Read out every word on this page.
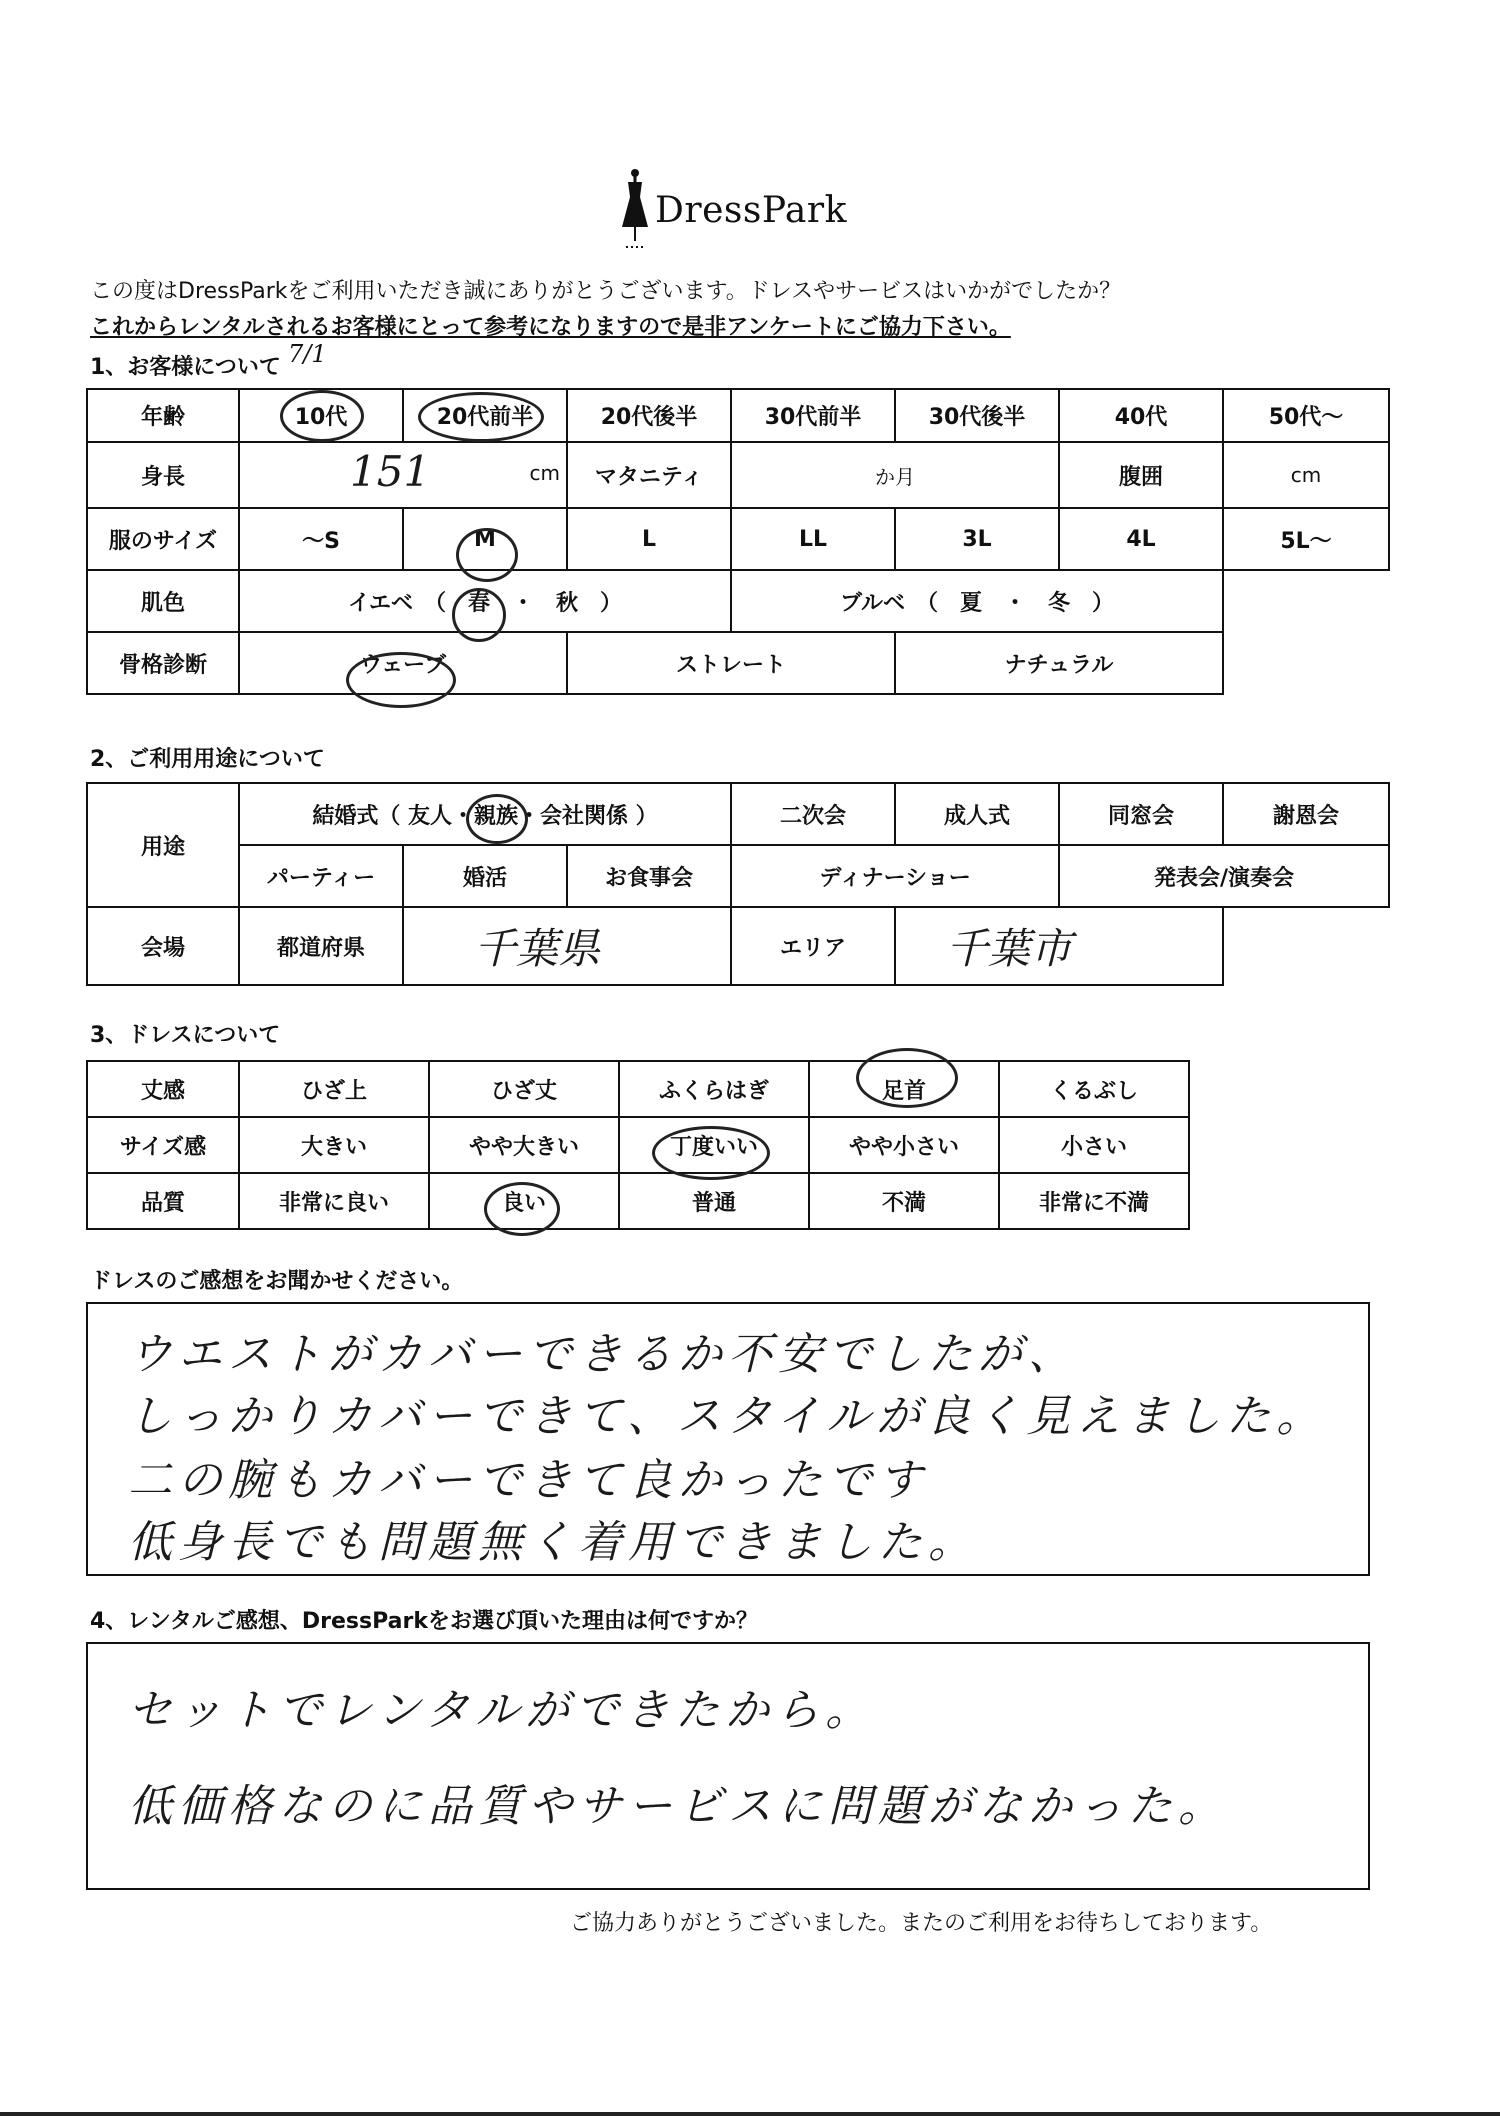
DressPark
この度はDressParkをご利用いただき誠にありがとうございます。ドレスやサービスはいかがでしたか？
これからレンタルされるお客様にとって参考になりますので是非アンケートにご協力下さい。
1、お客様について 7/1
年齢	10代	20代前半	20代後半	30代前半	30代後半	40代	50代～
身長	151 cm		マタニティ	か月		腹囲	cm
服のサイズ	～S	M	L	LL	3L	4L	5L～
肌色	イエベ　（　春　・　秋　）			ブルベ　（　夏　・　冬　）			
骨格診断	ウェーブ		ストレート		ナチュラル		
2、ご利用用途について
用途	結婚式（ 友人・親族・会社関係 ）			二次会	成人式	同窓会	謝恩会
	パーティー	婚活	お食事会	ディナーショー		発表会/演奏会	
会場	都道府県	千葉県		エリア	千葉市		
3、ドレスについて
丈感	ひざ上	ひざ丈	ふくらはぎ	足首	くるぶし
サイズ感	大きい	やや大きい	丁度いい	やや小さい	小さい
品質	非常に良い	良い	普通	不満	非常に不満
ドレスのご感想をお聞かせください。
ウエストがカバーできるか不安でしたが、
しっかりカバーできて、スタイルが良く見えました。
二の腕もカバーできて良かったです
低身長でも問題無く着用できました。
4、レンタルご感想、DressParkをお選び頂いた理由は何ですか？
セットでレンタルができたから。
低価格なのに品質やサービスに問題がなかった。
ご協力ありがとうございました。またのご利用をお待ちしております。
